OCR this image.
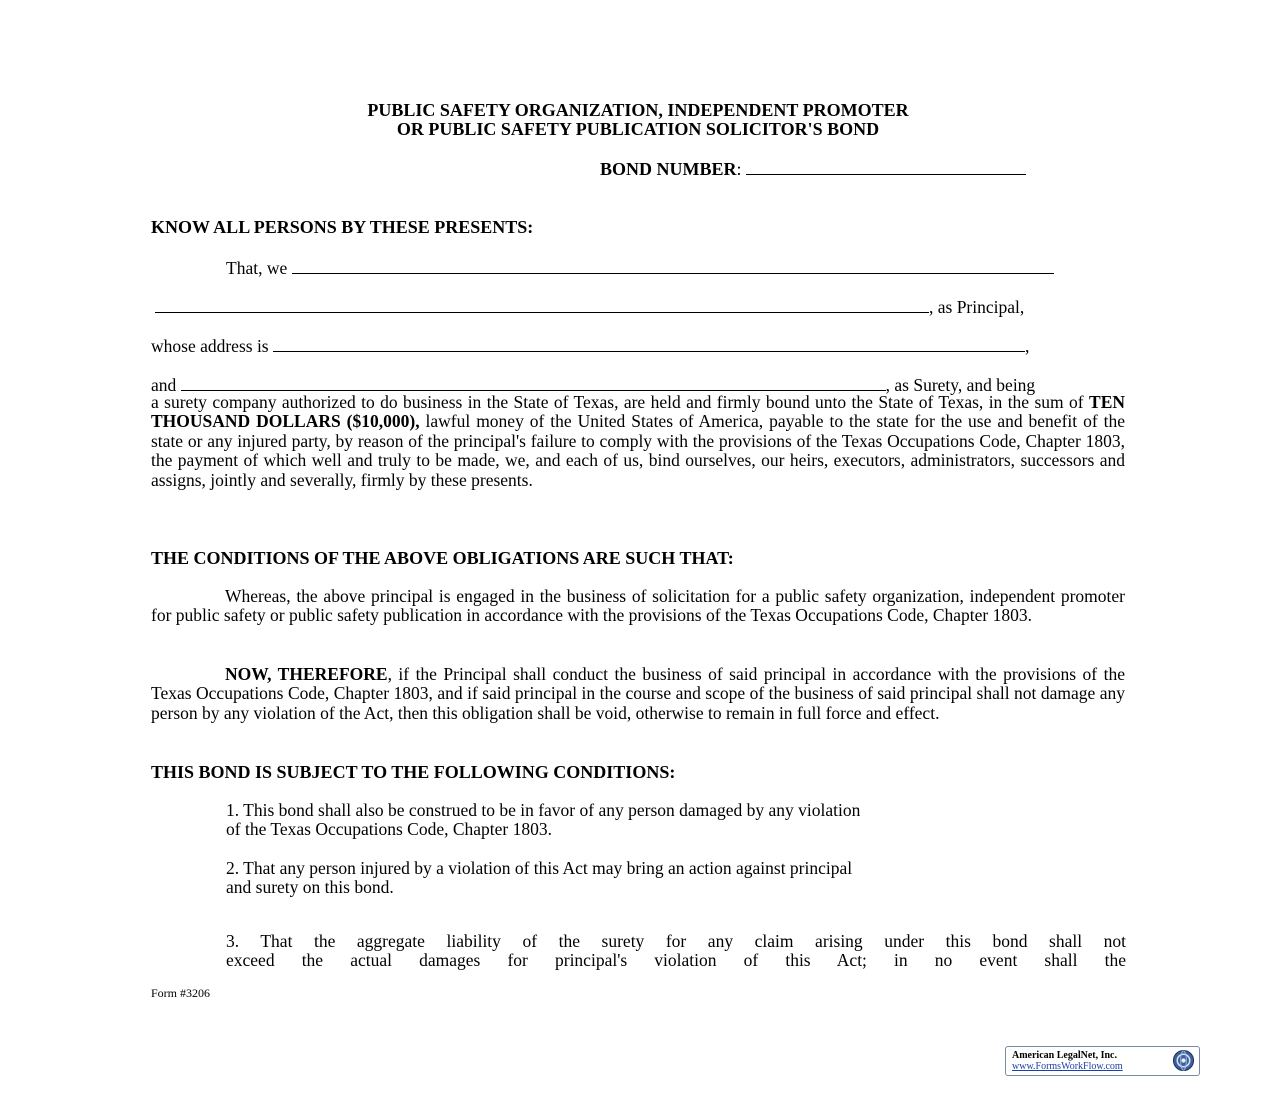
PUBLIC SAFETY ORGANIZATION, INDEPENDENT PROMOTER
OR PUBLIC SAFETY PUBLICATION SOLICITOR'S BOND
BOND NUMBER:
KNOW ALL PERSONS BY THESE PRESENTS:
That, we
, as Principal,
whose address is	,
and	, as Surety, and being
a surety company authorized to do business in the State of Texas, are held and firmly bound unto the State of Texas, in the sum of TEN THOUSAND DOLLARS ($10,000), lawful money of the United States of America, payable to the state for the use and benefit of the state or any injured party, by reason of the principal's failure to comply with the provisions of the Texas Occupations Code, Chapter 1803, the payment of which well and truly to be made, we, and each of us, bind ourselves, our heirs, executors, administrators, successors and assigns, jointly and severally, firmly by these presents.
THE CONDITIONS OF THE ABOVE OBLIGATIONS ARE SUCH THAT:
Whereas, the above principal is engaged in the business of solicitation for a public safety organization, independent promoter for public safety or public safety publication in accordance with the provisions of the Texas Occupations Code, Chapter 1803.
NOW, THEREFORE, if the Principal shall conduct the business of said principal in accordance with the provisions of the Texas Occupations Code, Chapter 1803, and if said principal in the course and scope of the business of said principal shall not damage any person by any violation of the Act, then this obligation shall be void, otherwise to remain in full force and effect.
THIS BOND IS SUBJECT TO THE FOLLOWING CONDITIONS:
1. This bond shall also be construed to be in favor of any person damaged by any violation
of the Texas Occupations Code, Chapter 1803.
2. That any person injured by a violation of this Act may bring an action against principal
and surety on this bond.
3. That the aggregate liability of the surety for any claim arising under this bond shall not
exceed the actual damages for principal's violation of this Act; in no event shall the
Form #3206
American LegalNet, Inc.
www.FormsWorkFlow.com
